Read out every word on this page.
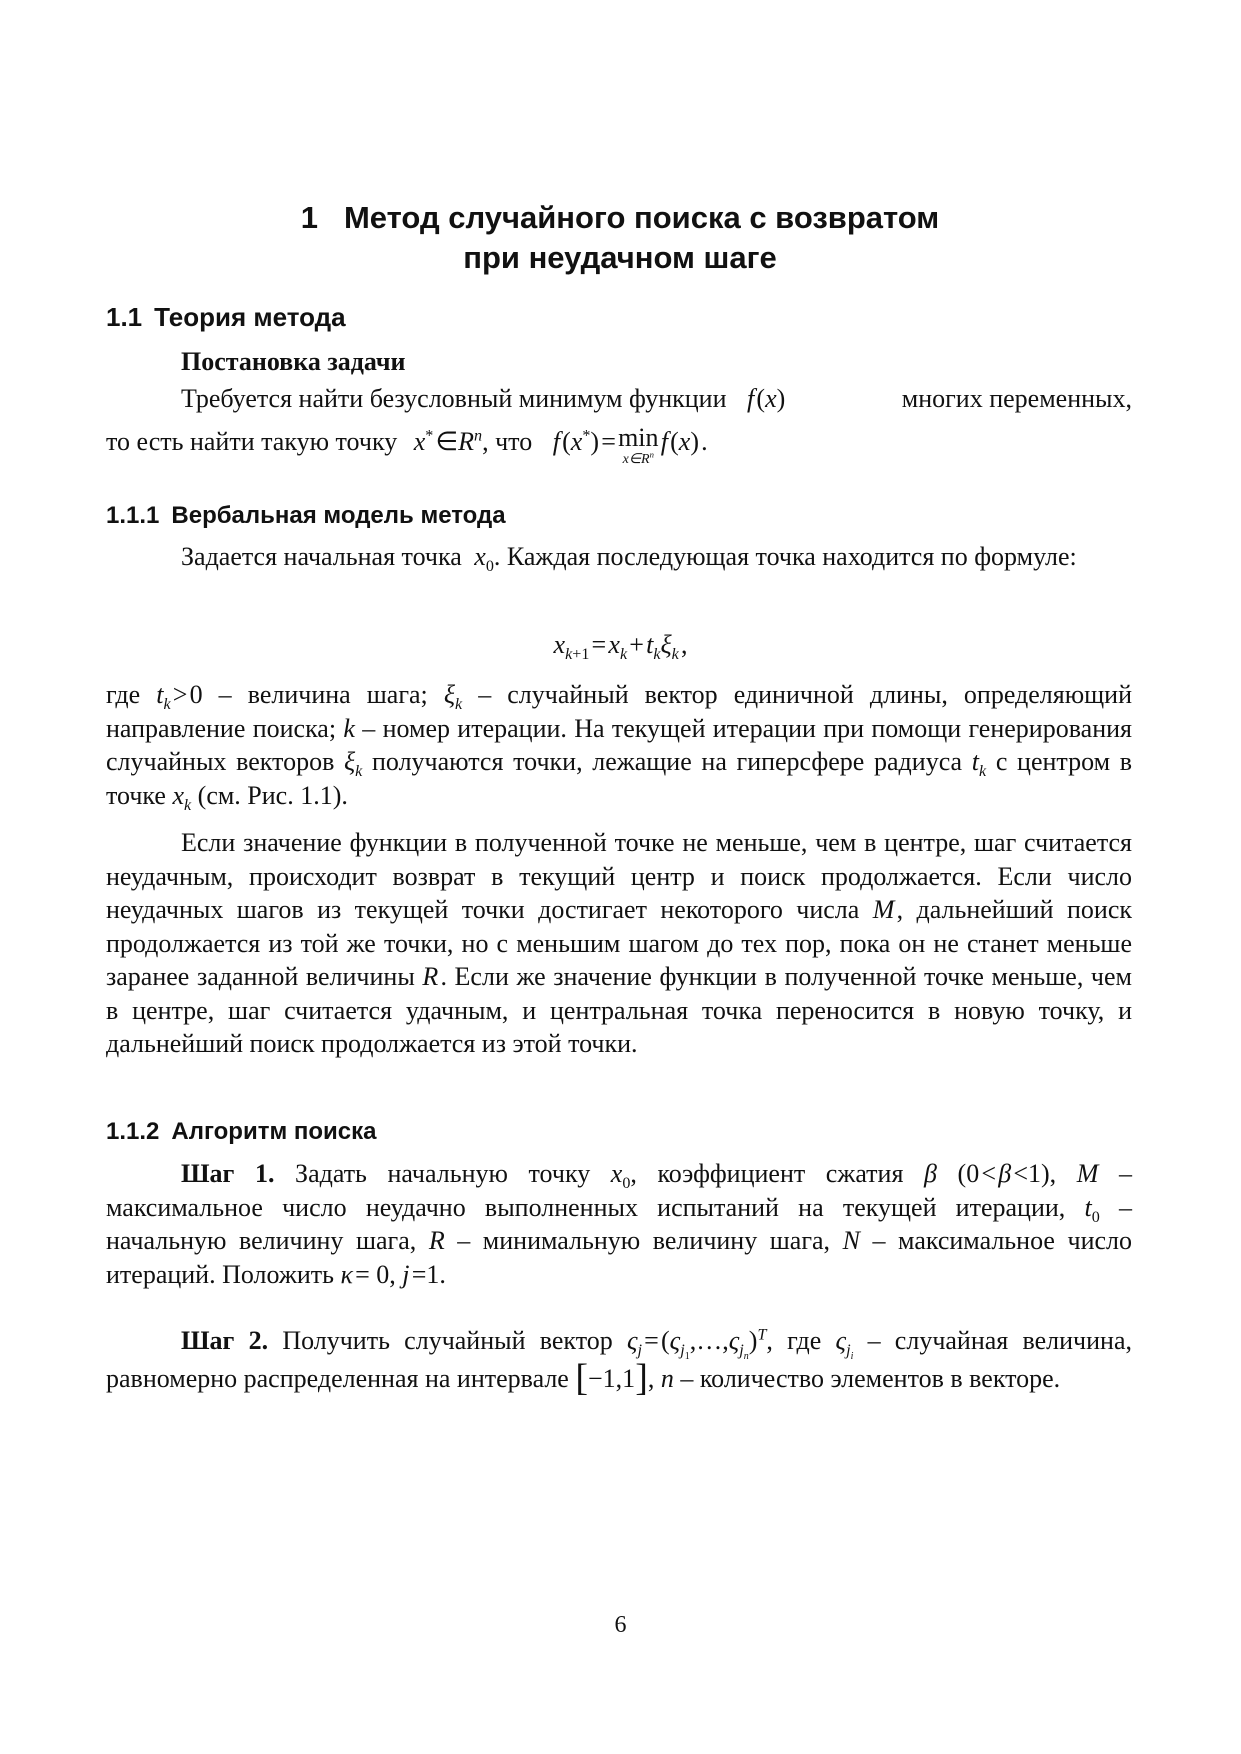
1 Метод случайного поиска с возвратом
при неудачном шаге
1.1 Теория метода
Постановка задачи
Требуется найти безусловный минимум функции f (x)	многих переменных,
то есть найти такую точку x* $\in R^n$, что f (x*) = min
$x\in R^n$
  f (x) .
1.1.1 Вербальная модель метода
Задается начальная точка $x_0$. Каждая последующая точка находится по формуле:
$x_{k+1}$ = $x_k$ + $t_k\xi_k$ ,
где $t_k$ > 0 – величина шага; $\xi_k$ – случайный вектор единичной длины, определяющий направление поиска; k – номер итерации. На текущей итерации при помощи генерирования случайных векторов $\xi_k$ получаются точки, лежащие на гиперсфере радиуса $t_k$ с центром в точке $x_k$ (см. Рис. 1.1).
Если значение функции в полученной точке не меньше, чем в центре, шаг считается неудачным, происходит возврат в текущий центр и поиск продолжается. Если число неудачных шагов из текущей точки достигает некоторого числа M , дальнейший поиск продолжается из той же точки, но с меньшим шагом до тех пор, пока он не станет меньше заранее заданной величины R . Если же значение функции в полученной точке меньше, чем в центре, шаг считается удачным, и центральная точка переносится в новую точку, и дальнейший поиск продолжается из этой точки.
1.1.2 Алгоритм поиска
Шаг 1. Задать начальную точку $x_0$, коэффициент сжатия β (0 < β <1), M – максимальное число неудачно выполненных испытаний на текущей итерации, $t_0$ – начальную величину шага, R – минимальную величину шага, N – максимальное число итераций. Положить κ = 0, j =1.
Шаг 2. Получить случайный вектор $\varsigma_j$ = $(\varsigma_{j_1},\dots,\varsigma_{j_n})^T$, где $\varsigma_{j_i}$ – случайная величина, равномерно распределенная на интервале [−1,1], n – количество элементов в векторе.
6
